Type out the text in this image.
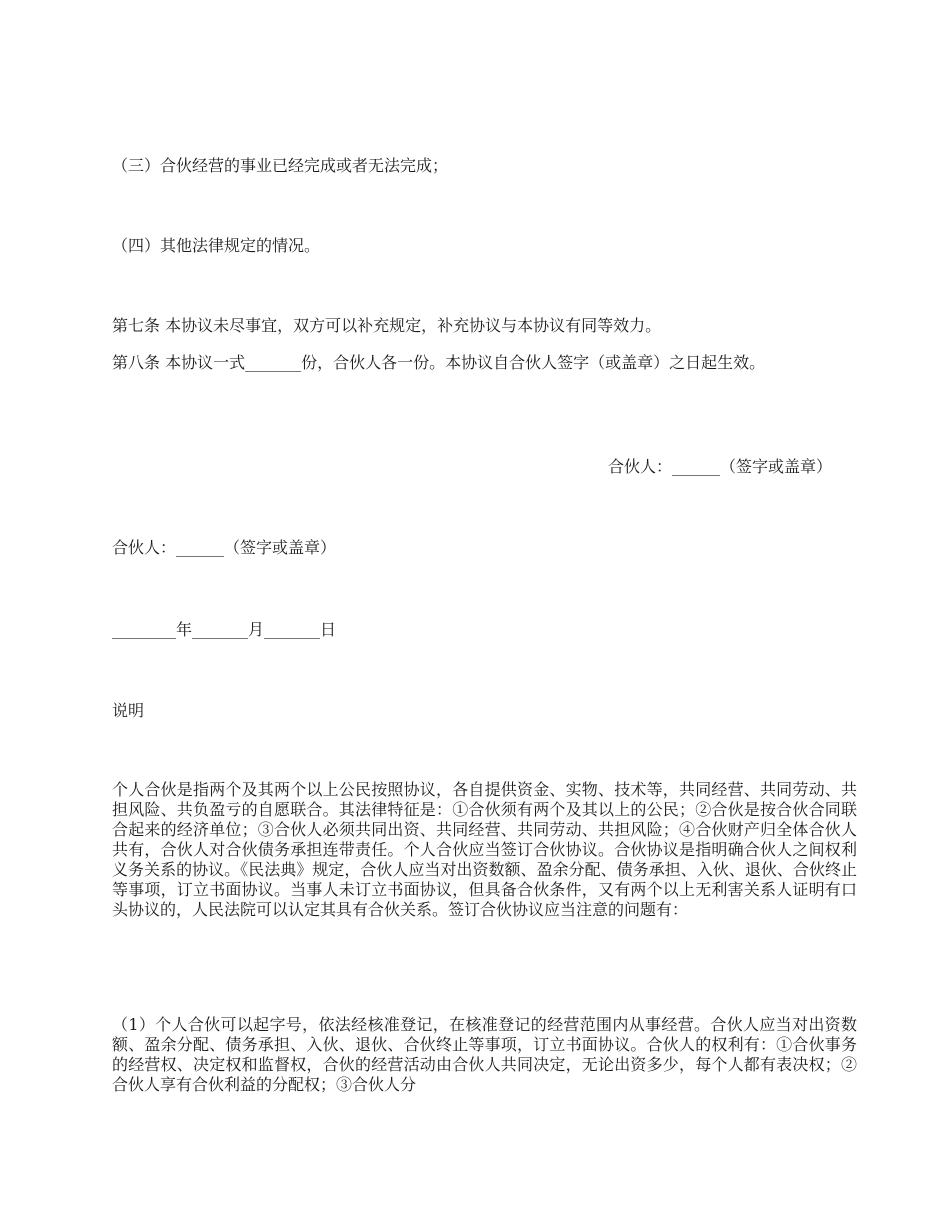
（三）合伙经营的事业已经完成或者无法完成；

（四）其他法律规定的情况。

第七条 本协议未尽事宜，双方可以补充规定，补充协议与本协议有同等效力。

第八条 本协议一式_______份，合伙人各一份。本协议自合伙人签字（或盖章）之日起生效。

合伙人：______（签字或盖章）

合伙人：______（签字或盖章）

________年_______月_______日

说明

个人合伙是指两个及其两个以上公民按照协议，各自提供资金、实物、技术等，共同经营、共同劳动、共担风险、共负盈亏的自愿联合。其法律特征是：①合伙须有两个及其以上的公民；②合伙是按合伙合同联合起来的经济单位；③合伙人必须共同出资、共同经营、共同劳动、共担风险；④合伙财产归全体合伙人共有，合伙人对合伙债务承担连带责任。个人合伙应当签订合伙协议。合伙协议是指明确合伙人之间权利义务关系的协议。《民法典》规定，合伙人应当对出资数额、盈余分配、债务承担、入伙、退伙、合伙终止等事项，订立书面协议。当事人未订立书面协议，但具备合伙条件，又有两个以上无利害关系人证明有口头协议的，人民法院可以认定其具有合伙关系。签订合伙协议应当注意的问题有：

（1）个人合伙可以起字号，依法经核准登记，在核准登记的经营范围内从事经营。合伙人应当对出资数额、盈余分配、债务承担、入伙、退伙、合伙终止等事项，订立书面协议。合伙人的权利有：①合伙事务的经营权、决定权和监督权，合伙的经营活动由合伙人共同决定，无论出资多少，每个人都有表决权；②合伙人享有合伙利益的分配权；③合伙人分
